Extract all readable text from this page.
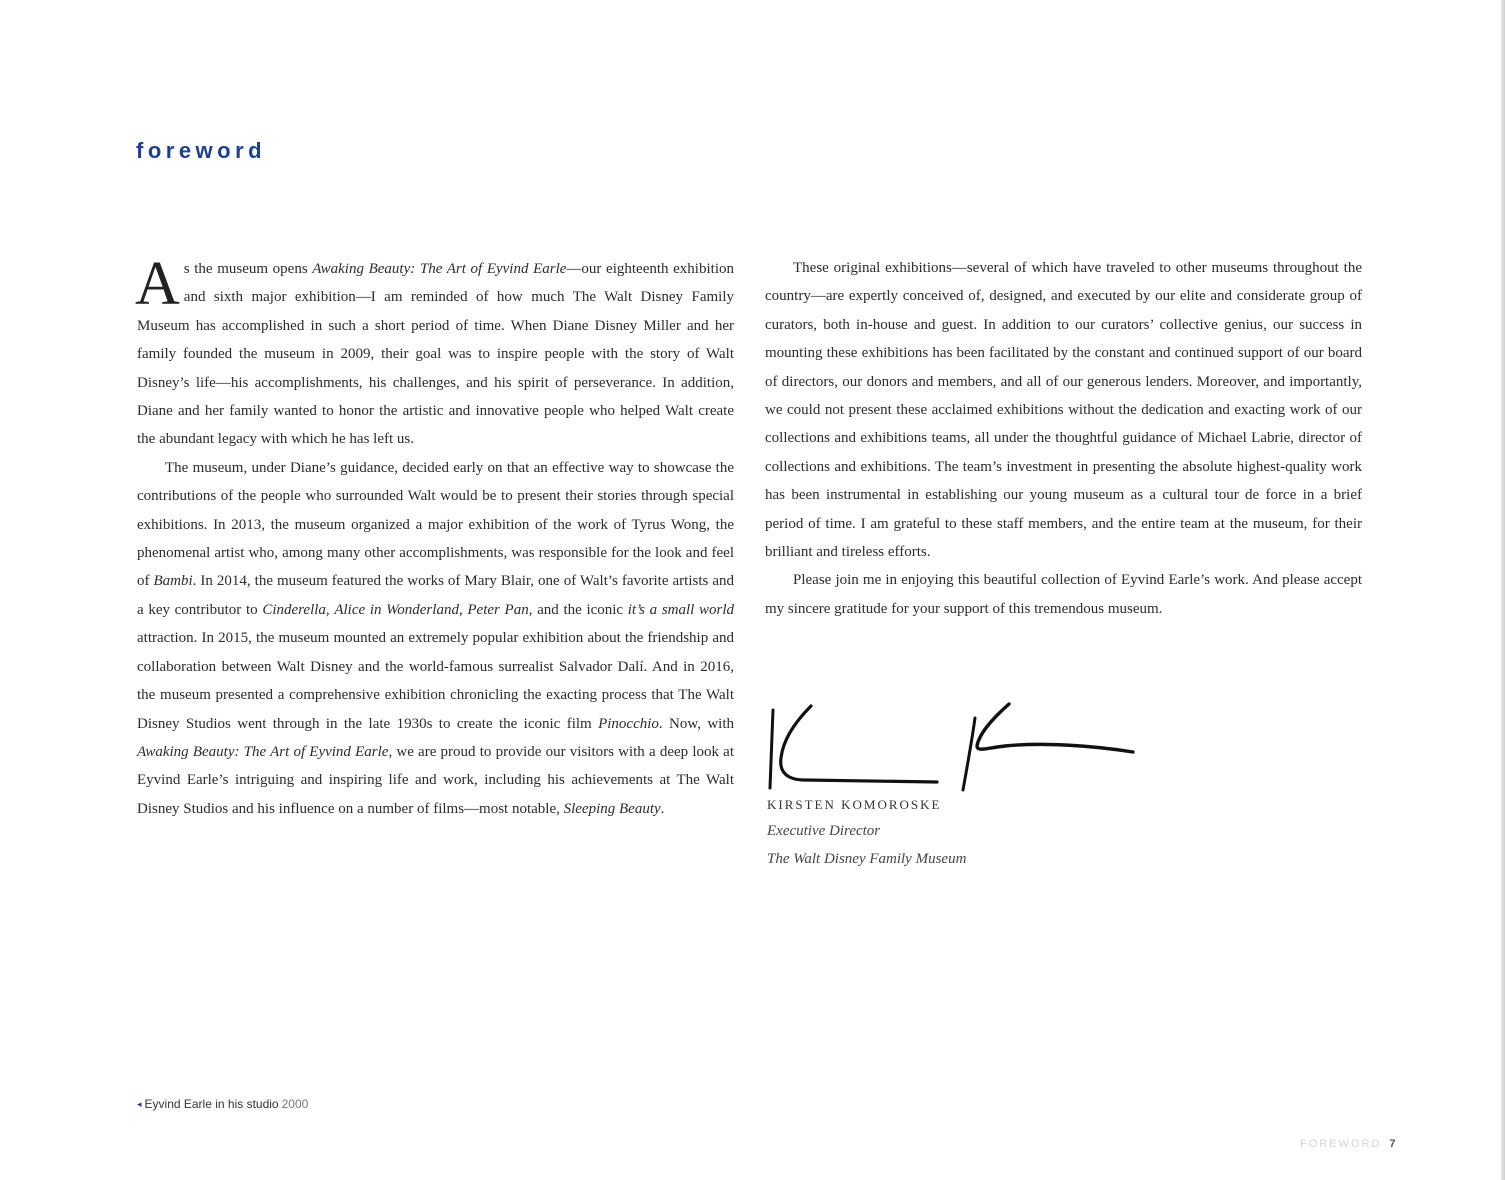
foreword

As the museum opens Awaking Beauty: The Art of Eyvind Earle—our eighteenth exhibition and sixth major exhibition—I am reminded of how much The Walt Disney Family Museum has accomplished in such a short period of time. When Diane Disney Miller and her family founded the museum in 2009, their goal was to inspire people with the story of Walt Disney’s life—his accomplishments, his challenges, and his spirit of perseverance. In addition, Diane and her family wanted to honor the artistic and innovative people who helped Walt create the abundant legacy with which he has left us.

The museum, under Diane’s guidance, decided early on that an effective way to showcase the contributions of the people who surrounded Walt would be to present their stories through special exhibitions. In 2013, the museum organized a major exhibition of the work of Tyrus Wong, the phenomenal artist who, among many other accomplishments, was responsible for the look and feel of Bambi. In 2014, the museum featured the works of Mary Blair, one of Walt’s favorite artists and a key contributor to Cinderella, Alice in Wonderland, Peter Pan, and the iconic it’s a small world attraction. In 2015, the museum mounted an extremely popular exhibition about the friendship and collaboration between Walt Disney and the world-famous surrealist Salvador Dalí. And in 2016, the museum presented a comprehensive exhibition chronicling the exacting process that The Walt Disney Studios went through in the late 1930s to create the iconic film Pinocchio. Now, with Awaking Beauty: The Art of Eyvind Earle, we are proud to provide our visitors with a deep look at Eyvind Earle’s intriguing and inspiring life and work, including his achievements at The Walt Disney Studios and his influence on a number of films—most notable, Sleeping Beauty.

These original exhibitions—several of which have traveled to other museums throughout the country—are expertly conceived of, designed, and executed by our elite and considerate group of curators, both in-house and guest. In addition to our curators’ collective genius, our success in mounting these exhibitions has been facilitated by the constant and continued support of our board of directors, our donors and members, and all of our generous lenders. Moreover, and importantly, we could not present these acclaimed exhibitions without the dedication and exacting work of our collections and exhibitions teams, all under the thoughtful guidance of Michael Labrie, director of collections and exhibitions. The team’s investment in presenting the absolute highest-quality work has been instrumental in establishing our young museum as a cultural tour de force in a brief period of time. I am grateful to these staff members, and the entire team at the museum, for their brilliant and tireless efforts.

Please join me in enjoying this beautiful collection of Eyvind Earle’s work. And please accept my sincere gratitude for your support of this tremendous museum.

KIRSTEN KOMOROSKE

Executive Director

The Walt Disney Family Museum

◂ Eyvind Earle in his studio 2000

FOREWORD 7
